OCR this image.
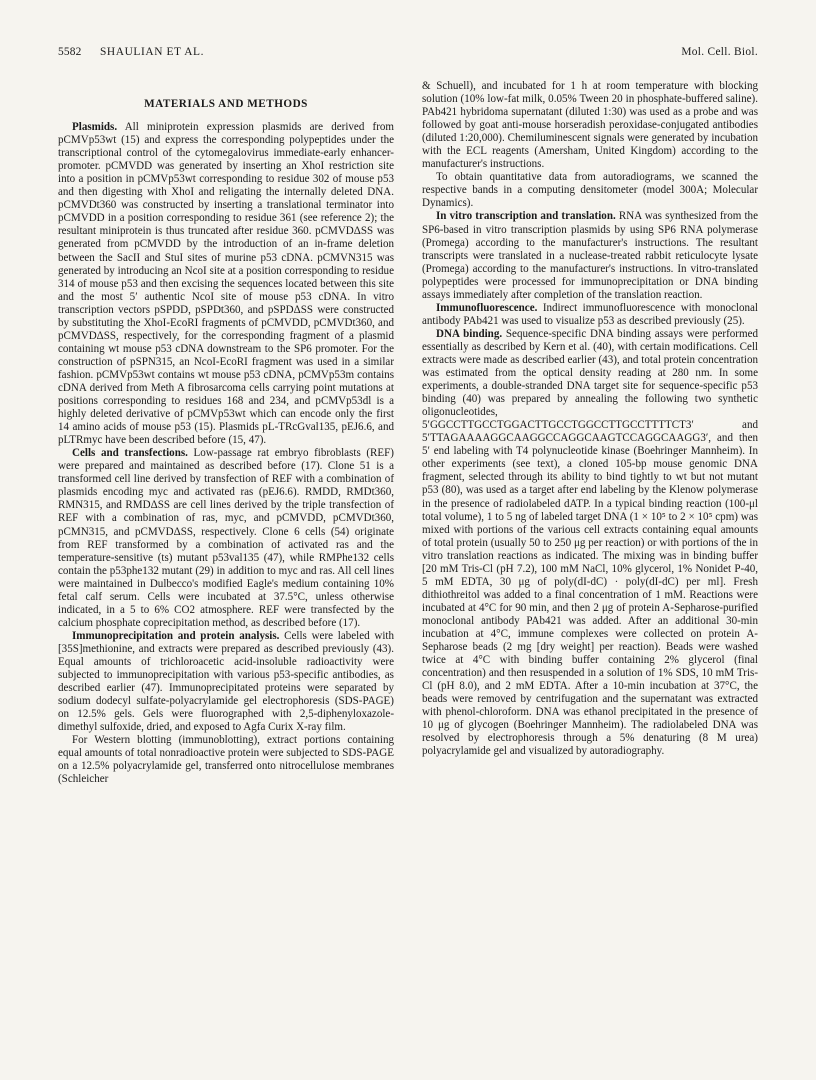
5582 SHAULIAN ET AL.	Mol. Cell. Biol.
MATERIALS AND METHODS

Plasmids. All miniprotein expression plasmids are derived from pCMVp53wt (15) and express the corresponding polypeptides under the transcriptional control of the cytomegalovirus immediate-early enhancer-promoter. pCMVDD was generated by inserting an XhoI restriction site into a position in pCMVp53wt corresponding to residue 302 of mouse p53 and then digesting with XhoI and religating the internally deleted DNA. pCMVDt360 was constructed by inserting a translational terminator into pCMVDD in a position corresponding to residue 361 (see reference 2); the resultant miniprotein is thus truncated after residue 360. pCMVDΔSS was generated from pCMVDD by the introduction of an in-frame deletion between the SacII and StuI sites of murine p53 cDNA. pCMVN315 was generated by introducing an NcoI site at a position corresponding to residue 314 of mouse p53 and then excising the sequences located between this site and the most 5′ authentic NcoI site of mouse p53 cDNA. In vitro transcription vectors pSPDD, pSPDt360, and pSPDΔSS were constructed by substituting the XhoI-EcoRI fragments of pCMVDD, pCMVDt360, and pCMVDΔSS, respectively, for the corresponding fragment of a plasmid containing wt mouse p53 cDNA downstream to the SP6 promoter. For the construction of pSPN315, an NcoI-EcoRI fragment was used in a similar fashion. pCMVp53wt contains wt mouse p53 cDNA, pCMVp53m contains cDNA derived from Meth A fibrosarcoma cells carrying point mutations at positions corresponding to residues 168 and 234, and pCMVp53dl is a highly deleted derivative of pCMVp53wt which can encode only the first 14 amino acids of mouse p53 (15). Plasmids pL-TRcGval135, pEJ6.6, and pLTRmyc have been described before (15, 47).

Cells and transfections. Low-passage rat embryo fibroblasts (REF) were prepared and maintained as described before (17). Clone 51 is a transformed cell line derived by transfection of REF with a combination of plasmids encoding myc and activated ras (pEJ6.6). RMDD, RMDt360, RMN315, and RMDΔSS are cell lines derived by the triple transfection of REF with a combination of ras, myc, and pCMVDD, pCMVDt360, pCMN315, and pCMVDΔSS, respectively. Clone 6 cells (54) originate from REF transformed by a combination of activated ras and the temperature-sensitive (ts) mutant p53val135 (47), while RMPhe132 cells contain the p53phe132 mutant (29) in addition to myc and ras. All cell lines were maintained in Dulbecco's modified Eagle's medium containing 10% fetal calf serum. Cells were incubated at 37.5°C, unless otherwise indicated, in a 5 to 6% CO2 atmosphere. REF were transfected by the calcium phosphate coprecipitation method, as described before (17).

Immunoprecipitation and protein analysis. Cells were labeled with [35S]methionine, and extracts were prepared as described previously (43). Equal amounts of trichloroacetic acid-insoluble radioactivity were subjected to immunoprecipitation with various p53-specific antibodies, as described earlier (47). Immunoprecipitated proteins were separated by sodium dodecyl sulfate-polyacrylamide gel electrophoresis (SDS-PAGE) on 12.5% gels. Gels were fluorographed with 2,5-diphenyloxazole-dimethyl sulfoxide, dried, and exposed to Agfa Curix X-ray film.

For Western blotting (immunoblotting), extract portions containing equal amounts of total nonradioactive protein were subjected to SDS-PAGE on a 12.5% polyacrylamide gel, transferred onto nitrocellulose membranes (Schleicher

& Schuell), and incubated for 1 h at room temperature with blocking solution (10% low-fat milk, 0.05% Tween 20 in phosphate-buffered saline). PAb421 hybridoma supernatant (diluted 1:30) was used as a probe and was followed by goat anti-mouse horseradish peroxidase-conjugated antibodies (diluted 1:20,000). Chemiluminescent signals were generated by incubation with the ECL reagents (Amersham, United Kingdom) according to the manufacturer's instructions.

To obtain quantitative data from autoradiograms, we scanned the respective bands in a computing densitometer (model 300A; Molecular Dynamics).

In vitro transcription and translation. RNA was synthesized from the SP6-based in vitro transcription plasmids by using SP6 RNA polymerase (Promega) according to the manufacturer's instructions. The resultant transcripts were translated in a nuclease-treated rabbit reticulocyte lysate (Promega) according to the manufacturer's instructions. In vitro-translated polypeptides were processed for immunoprecipitation or DNA binding assays immediately after completion of the translation reaction.

Immunofluorescence. Indirect immunofluorescence with monoclonal antibody PAb421 was used to visualize p53 as described previously (25).

DNA binding. Sequence-specific DNA binding assays were performed essentially as described by Kern et al. (40), with certain modifications. Cell extracts were made as described earlier (43), and total protein concentration was estimated from the optical density reading at 280 nm. In some experiments, a double-stranded DNA target site for sequence-specific p53 binding (40) was prepared by annealing the following two synthetic oligonucleotides, 5′GGCCTTGCCTGGACTTGCCTGGCCTTGCCTTTTCT3′ and 5′TTAGAAAAGGCAAGGCCAGGCAAGTCCAGGCAAGG3′, and then 5′ end labeling with T4 polynucleotide kinase (Boehringer Mannheim). In other experiments (see text), a cloned 105-bp mouse genomic DNA fragment, selected through its ability to bind tightly to wt but not mutant p53 (80), was used as a target after end labeling by the Klenow polymerase in the presence of radiolabeled dATP. In a typical binding reaction (100-μl total volume), 1 to 5 ng of labeled target DNA (1 × 10⁵ to 2 × 10⁵ cpm) was mixed with portions of the various cell extracts containing equal amounts of total protein (usually 50 to 250 μg per reaction) or with portions of the in vitro translation reactions as indicated. The mixing was in binding buffer [20 mM Tris-Cl (pH 7.2), 100 mM NaCl, 10% glycerol, 1% Nonidet P-40, 5 mM EDTA, 30 μg of poly(dI-dC) · poly(dI-dC) per ml]. Fresh dithiothreitol was added to a final concentration of 1 mM. Reactions were incubated at 4°C for 90 min, and then 2 μg of protein A-Sepharose-purified monoclonal antibody PAb421 was added. After an additional 30-min incubation at 4°C, immune complexes were collected on protein A-Sepharose beads (2 mg [dry weight] per reaction). Beads were washed twice at 4°C with binding buffer containing 2% glycerol (final concentration) and then resuspended in a solution of 1% SDS, 10 mM Tris-Cl (pH 8.0), and 2 mM EDTA. After a 10-min incubation at 37°C, the beads were removed by centrifugation and the supernatant was extracted with phenol-chloroform. DNA was ethanol precipitated in the presence of 10 μg of glycogen (Boehringer Mannheim). The radiolabeled DNA was resolved by electrophoresis through a 5% denaturing (8 M urea) polyacrylamide gel and visualized by autoradiography.
